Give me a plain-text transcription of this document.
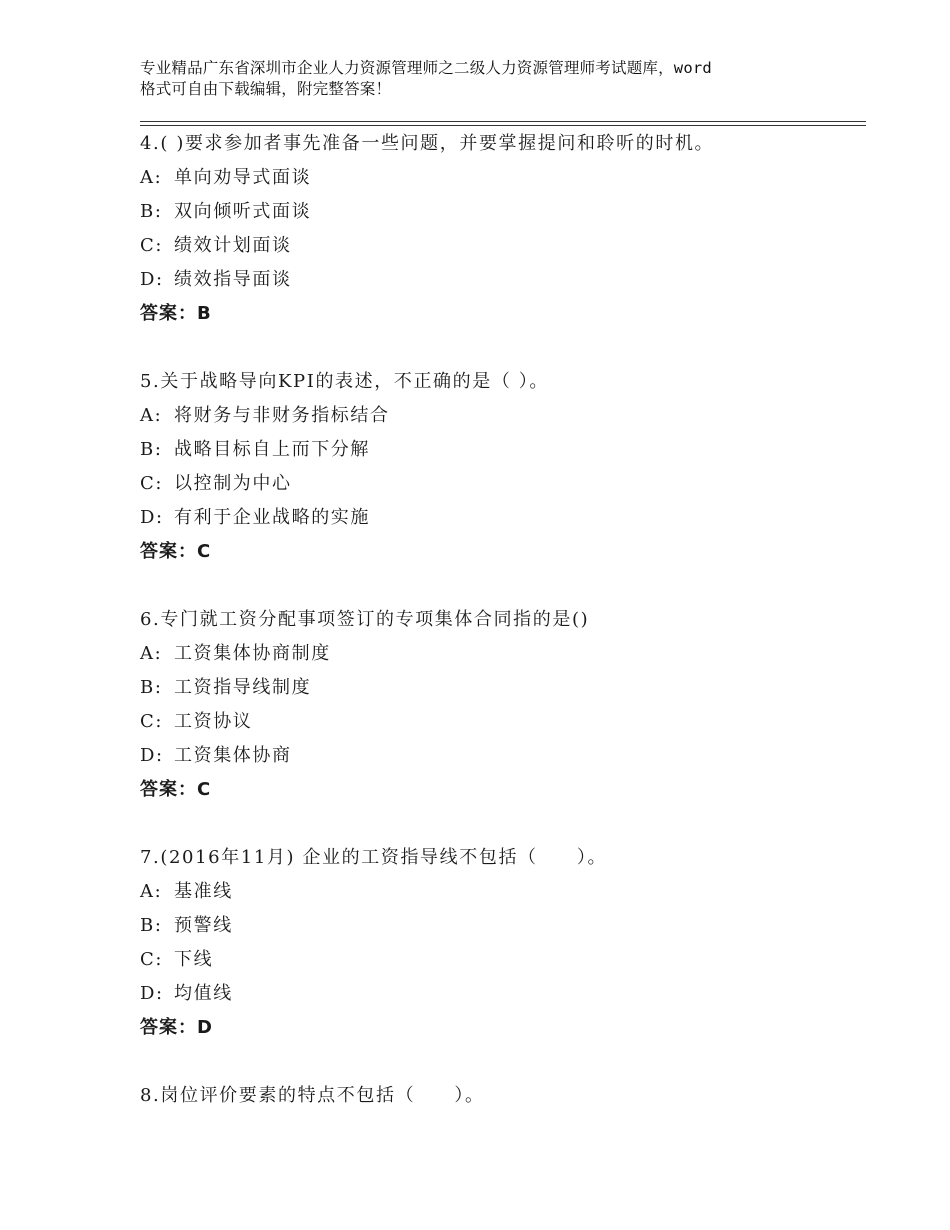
专业精品广东省深圳市企业人力资源管理师之二级人力资源管理师考试题库，word
格式可自由下载编辑，附完整答案！
4.( )要求参加者事先准备一些问题，并要掌握提问和聆听的时机。
A: 单向劝导式面谈
B: 双向倾听式面谈
C: 绩效计划面谈
D: 绩效指导面谈
答案：B
5.关于战略导向KPI的表述，不正确的是（ ）。
A: 将财务与非财务指标结合
B: 战略目标自上而下分解
C: 以控制为中心
D: 有利于企业战略的实施
答案：C
6.专门就工资分配事项签订的专项集体合同指的是()
A: 工资集体协商制度
B: 工资指导线制度
C: 工资协议
D: 工资集体协商
答案：C
7.(2016年11月) 企业的工资指导线不包括（　　）。
A: 基准线
B: 预警线
C: 下线
D: 均值线
答案：D
8.岗位评价要素的特点不包括（　　）。
